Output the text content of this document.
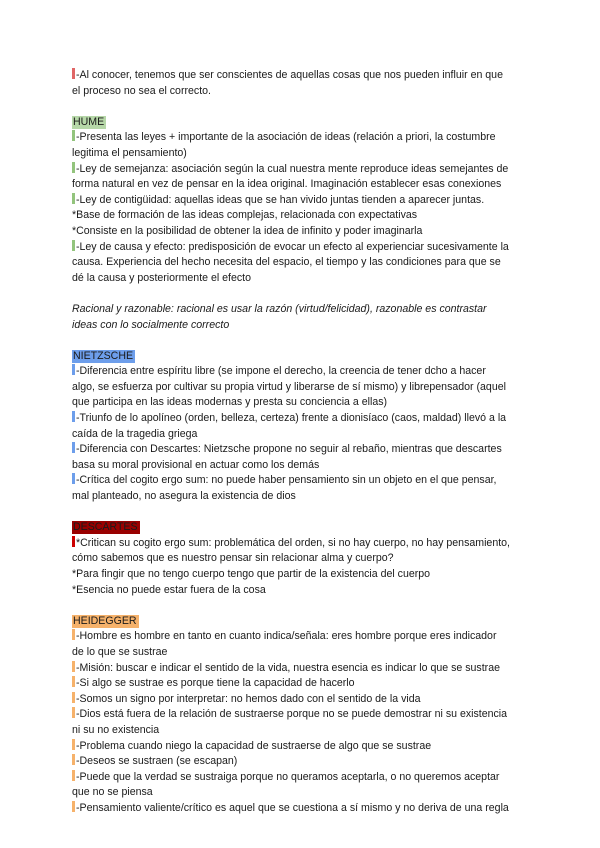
-Al conocer, tenemos que ser conscientes de aquellas cosas que nos pueden influir en que

el proceso no sea el correcto.

HUME

-Presenta las leyes + importante de la asociación de ideas (relación a priori, la costumbre

legitima el pensamiento)

-Ley de semejanza: asociación según la cual nuestra mente reproduce ideas semejantes de

forma natural en vez de pensar en la idea original. Imaginación establecer esas conexiones

-Ley de contigüidad: aquellas ideas que se han vivido juntas tienden a aparecer juntas.

*Base de formación de las ideas complejas, relacionada con expectativas

*Consiste en la posibilidad de obtener la idea de infinito y poder imaginarla

-Ley de causa y efecto: predisposición de evocar un efecto al experienciar sucesivamente la

causa. Experiencia del hecho necesita del espacio, el tiempo y las condiciones para que se

dé la causa y posteriormente el efecto

Racional y razonable: racional es usar la razón (virtud/felicidad), razonable es contrastar

ideas con lo socialmente correcto

NIETZSCHE

-Diferencia entre espíritu libre (se impone el derecho, la creencia de tener dcho a hacer

algo, se esfuerza por cultivar su propia virtud y liberarse de sí mismo) y librepensador (aquel

que participa en las ideas modernas y presta su conciencia a ellas)

-Triunfo de lo apolíneo (orden, belleza, certeza) frente a dionisíaco (caos, maldad) llevó a la

caída de la tragedia griega

-Diferencia con Descartes: Nietzsche propone no seguir al rebaño, mientras que descartes

basa su moral provisional en actuar como los demás

-Crítica del cogito ergo sum: no puede haber pensamiento sin un objeto en el que pensar,

mal planteado, no asegura la existencia de dios

DESCARTES

*Critican su cogito ergo sum: problemática del orden, si no hay cuerpo, no hay pensamiento,

cómo sabemos que es nuestro pensar sin relacionar alma y cuerpo?

*Para fingir que no tengo cuerpo tengo que partir de la existencia del cuerpo

*Esencia no puede estar fuera de la cosa

HEIDEGGER

-Hombre es hombre en tanto en cuanto indica/señala: eres hombre porque eres indicador

de lo que se sustrae

-Misión: buscar e indicar el sentido de la vida, nuestra esencia es indicar lo que se sustrae

-Si algo se sustrae es porque tiene la capacidad de hacerlo

-Somos un signo por interpretar: no hemos dado con el sentido de la vida

-Dios está fuera de la relación de sustraerse porque no se puede demostrar ni su existencia

ni su no existencia

-Problema cuando niego la capacidad de sustraerse de algo que se sustrae

-Deseos se sustraen (se escapan)

-Puede que la verdad se sustraiga porque no queramos aceptarla, o no queremos aceptar

que no se piensa

-Pensamiento valiente/crítico es aquel que se cuestiona a sí mismo y no deriva de una regla
